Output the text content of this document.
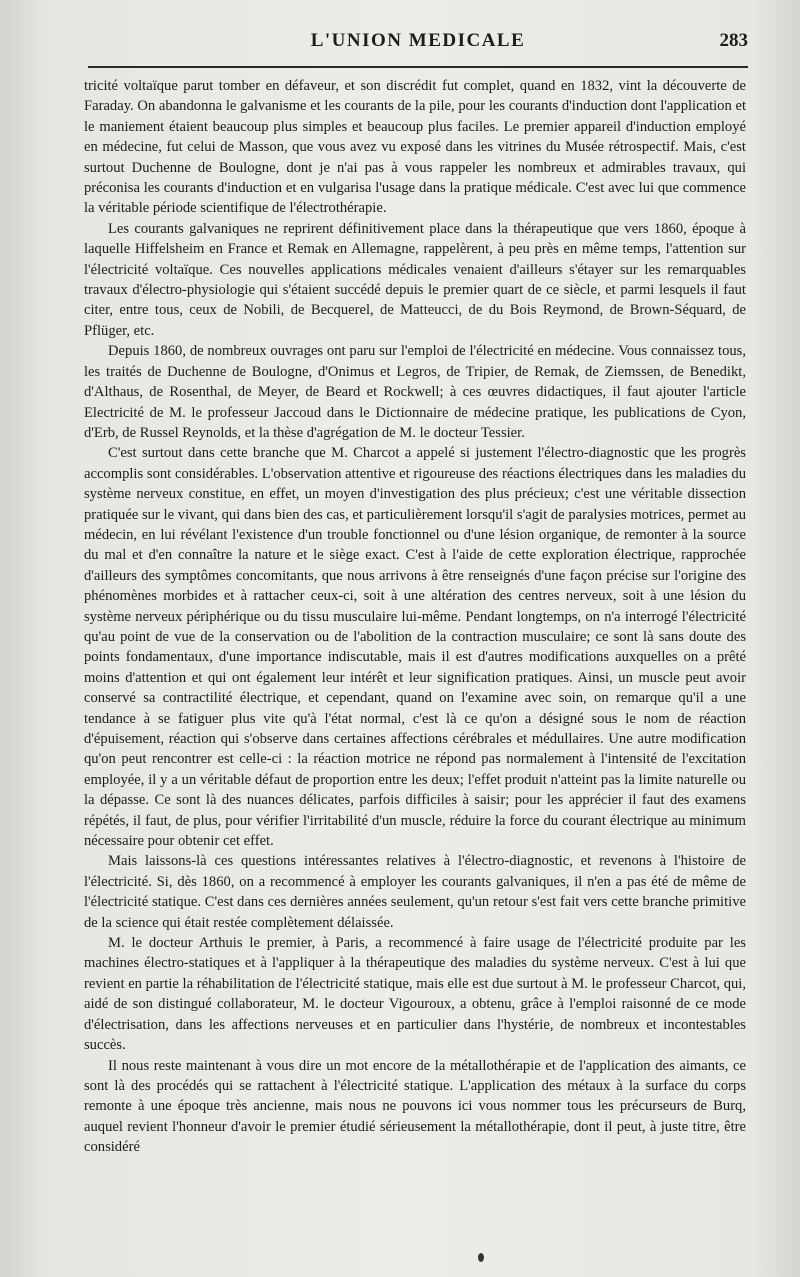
L'UNION MEDICALE	283

tricité voltaïque parut tomber en défaveur, et son discrédit fut complet, quand en 1832, vint la découverte de Faraday. On abandonna le galvanisme et les courants de la pile, pour les courants d'induction dont l'application et le maniement étaient beaucoup plus simples et beaucoup plus faciles. Le premier appareil d'induction employé en médecine, fut celui de Masson, que vous avez vu exposé dans les vitrines du Musée rétrospectif. Mais, c'est surtout Duchenne de Boulogne, dont je n'ai pas à vous rappeler les nombreux et admirables travaux, qui préconisa les courants d'induction et en vulgarisa l'usage dans la pratique médicale. C'est avec lui que commence la véritable période scientifique de l'électrothérapie.

Les courants galvaniques ne reprirent définitivement place dans la thérapeutique que vers 1860, époque à laquelle Hiffelsheim en France et Remak en Allemagne, rappelèrent, à peu près en même temps, l'attention sur l'électricité voltaïque. Ces nouvelles applications médicales venaient d'ailleurs s'étayer sur les remarquables travaux d'électro-physiologie qui s'étaient succédé depuis le premier quart de ce siècle, et parmi lesquels il faut citer, entre tous, ceux de Nobili, de Becquerel, de Matteucci, de du Bois Reymond, de Brown-Séquard, de Pflüger, etc.

Depuis 1860, de nombreux ouvrages ont paru sur l'emploi de l'électricité en médecine. Vous connaissez tous, les traités de Duchenne de Boulogne, d'Onimus et Legros, de Tripier, de Remak, de Ziemssen, de Benedikt, d'Althaus, de Rosenthal, de Meyer, de Beard et Rockwell; à ces œuvres didactiques, il faut ajouter l'article Electricité de M. le professeur Jaccoud dans le Dictionnaire de médecine pratique, les publications de Cyon, d'Erb, de Russel Reynolds, et la thèse d'agrégation de M. le docteur Tessier.

C'est surtout dans cette branche que M. Charcot a appelé si justement l'électro-diagnostic que les progrès accomplis sont considérables. L'observation attentive et rigoureuse des réactions électriques dans les maladies du système nerveux constitue, en effet, un moyen d'investigation des plus précieux; c'est une véritable dissection pratiquée sur le vivant, qui dans bien des cas, et particulièrement lorsqu'il s'agit de paralysies motrices, permet au médecin, en lui révélant l'existence d'un trouble fonctionnel ou d'une lésion organique, de remonter à la source du mal et d'en connaître la nature et le siège exact. C'est à l'aide de cette exploration électrique, rapprochée d'ailleurs des symptômes concomitants, que nous arrivons à être renseignés d'une façon précise sur l'origine des phénomènes morbides et à rattacher ceux-ci, soit à une altération des centres nerveux, soit à une lésion du système nerveux périphérique ou du tissu musculaire lui-même. Pendant longtemps, on n'a interrogé l'électricité qu'au point de vue de la conservation ou de l'abolition de la contraction musculaire; ce sont là sans doute des points fondamentaux, d'une importance indiscutable, mais il est d'autres modifications auxquelles on a prêté moins d'attention et qui ont également leur intérêt et leur signification pratiques. Ainsi, un muscle peut avoir conservé sa contractilité électrique, et cependant, quand on l'examine avec soin, on remarque qu'il a une tendance à se fatiguer plus vite qu'à l'état normal, c'est là ce qu'on a désigné sous le nom de réaction d'épuisement, réaction qui s'observe dans certaines affections cérébrales et médullaires. Une autre modification qu'on peut rencontrer est celle-ci : la réaction motrice ne répond pas normalement à l'intensité de l'excitation employée, il y a un véritable défaut de proportion entre les deux; l'effet produit n'atteint pas la limite naturelle ou la dépasse. Ce sont là des nuances délicates, parfois difficiles à saisir; pour les apprécier il faut des examens répétés, il faut, de plus, pour vérifier l'irritabilité d'un muscle, réduire la force du courant électrique au minimum nécessaire pour obtenir cet effet.

Mais laissons-là ces questions intéressantes relatives à l'électro-diagnostic, et revenons à l'histoire de l'électricité. Si, dès 1860, on a recommencé à employer les courants galvaniques, il n'en a pas été de même de l'électricité statique. C'est dans ces dernières années seulement, qu'un retour s'est fait vers cette branche primitive de la science qui était restée complètement délaissée.

M. le docteur Arthuis le premier, à Paris, a recommencé à faire usage de l'électricité produite par les machines électro-statiques et à l'appliquer à la thérapeutique des maladies du système nerveux. C'est à lui que revient en partie la réhabilitation de l'électricité statique, mais elle est due surtout à M. le professeur Charcot, qui, aidé de son distingué collaborateur, M. le docteur Vigouroux, a obtenu, grâce à l'emploi raisonné de ce mode d'électrisation, dans les affections nerveuses et en particulier dans l'hystérie, de nombreux et incontestables succès.

Il nous reste maintenant à vous dire un mot encore de la métallothérapie et de l'application des aimants, ce sont là des procédés qui se rattachent à l'électricité statique. L'application des métaux à la surface du corps remonte à une époque très ancienne, mais nous ne pouvons ici vous nommer tous les précurseurs de Burq, auquel revient l'honneur d'avoir le premier étudié sérieusement la métallothérapie, dont il peut, à juste titre, être considéré
